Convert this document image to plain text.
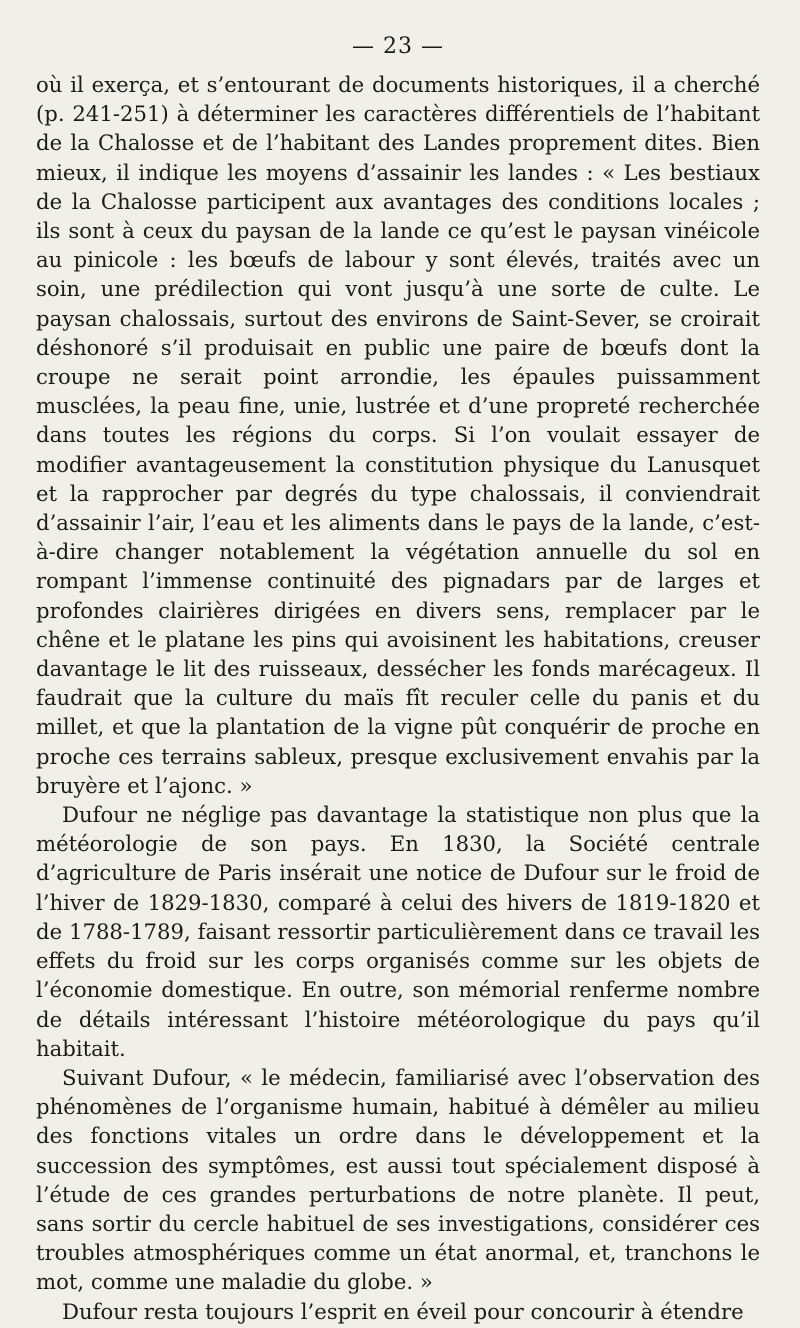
— 23 —

où il exerça, et s’entourant de documents historiques, il a cherché (p. 241-251) à déterminer les caractères différentiels de l’habitant de la Chalosse et de l’habitant des Landes proprement dites. Bien mieux, il indique les moyens d’assainir les landes : « Les bestiaux de la Chalosse participent aux avantages des conditions locales ; ils sont à ceux du paysan de la lande ce qu’est le paysan vinéicole au pinicole : les bœufs de labour y sont élevés, traités avec un soin, une prédilection qui vont jusqu’à une sorte de culte. Le paysan chalossais, surtout des environs de Saint-Sever, se croirait déshonoré s’il produisait en public une paire de bœufs dont la croupe ne serait point arrondie, les épaules puissamment musclées, la peau fine, unie, lustrée et d’une propreté recherchée dans toutes les régions du corps. Si l’on voulait essayer de modifier avantageusement la constitution physique du Lanusquet et la rapprocher par degrés du type chalossais, il conviendrait d’assainir l’air, l’eau et les aliments dans le pays de la lande, c’est-à-dire changer notablement la végétation annuelle du sol en rompant l’immense continuité des pignadars par de larges et profondes clairières dirigées en divers sens, remplacer par le chêne et le platane les pins qui avoisinent les habitations, creuser davantage le lit des ruisseaux, dessécher les fonds marécageux. Il faudrait que la culture du maïs fît reculer celle du panis et du millet, et que la plantation de la vigne pût conquérir de proche en proche ces terrains sableux, presque exclusivement envahis par la bruyère et l’ajonc. »

Dufour ne néglige pas davantage la statistique non plus que la météorologie de son pays. En 1830, la Société centrale d’agriculture de Paris insérait une notice de Dufour sur le froid de l’hiver de 1829-1830, comparé à celui des hivers de 1819-1820 et de 1788-1789, faisant ressortir particulièrement dans ce travail les effets du froid sur les corps organisés comme sur les objets de l’économie domestique. En outre, son mémorial renferme nombre de détails intéressant l’histoire météorologique du pays qu’il habitait.

Suivant Dufour, « le médecin, familiarisé avec l’observation des phénomènes de l’organisme humain, habitué à démêler au milieu des fonctions vitales un ordre dans le développement et la succession des symptômes, est aussi tout spécialement disposé à l’étude de ces grandes perturbations de notre planète. Il peut, sans sortir du cercle habituel de ses investigations, considérer ces troubles atmosphériques comme un état anormal, et, tranchons le mot, comme une maladie du globe. »

Dufour resta toujours l’esprit en éveil pour concourir à étendre
